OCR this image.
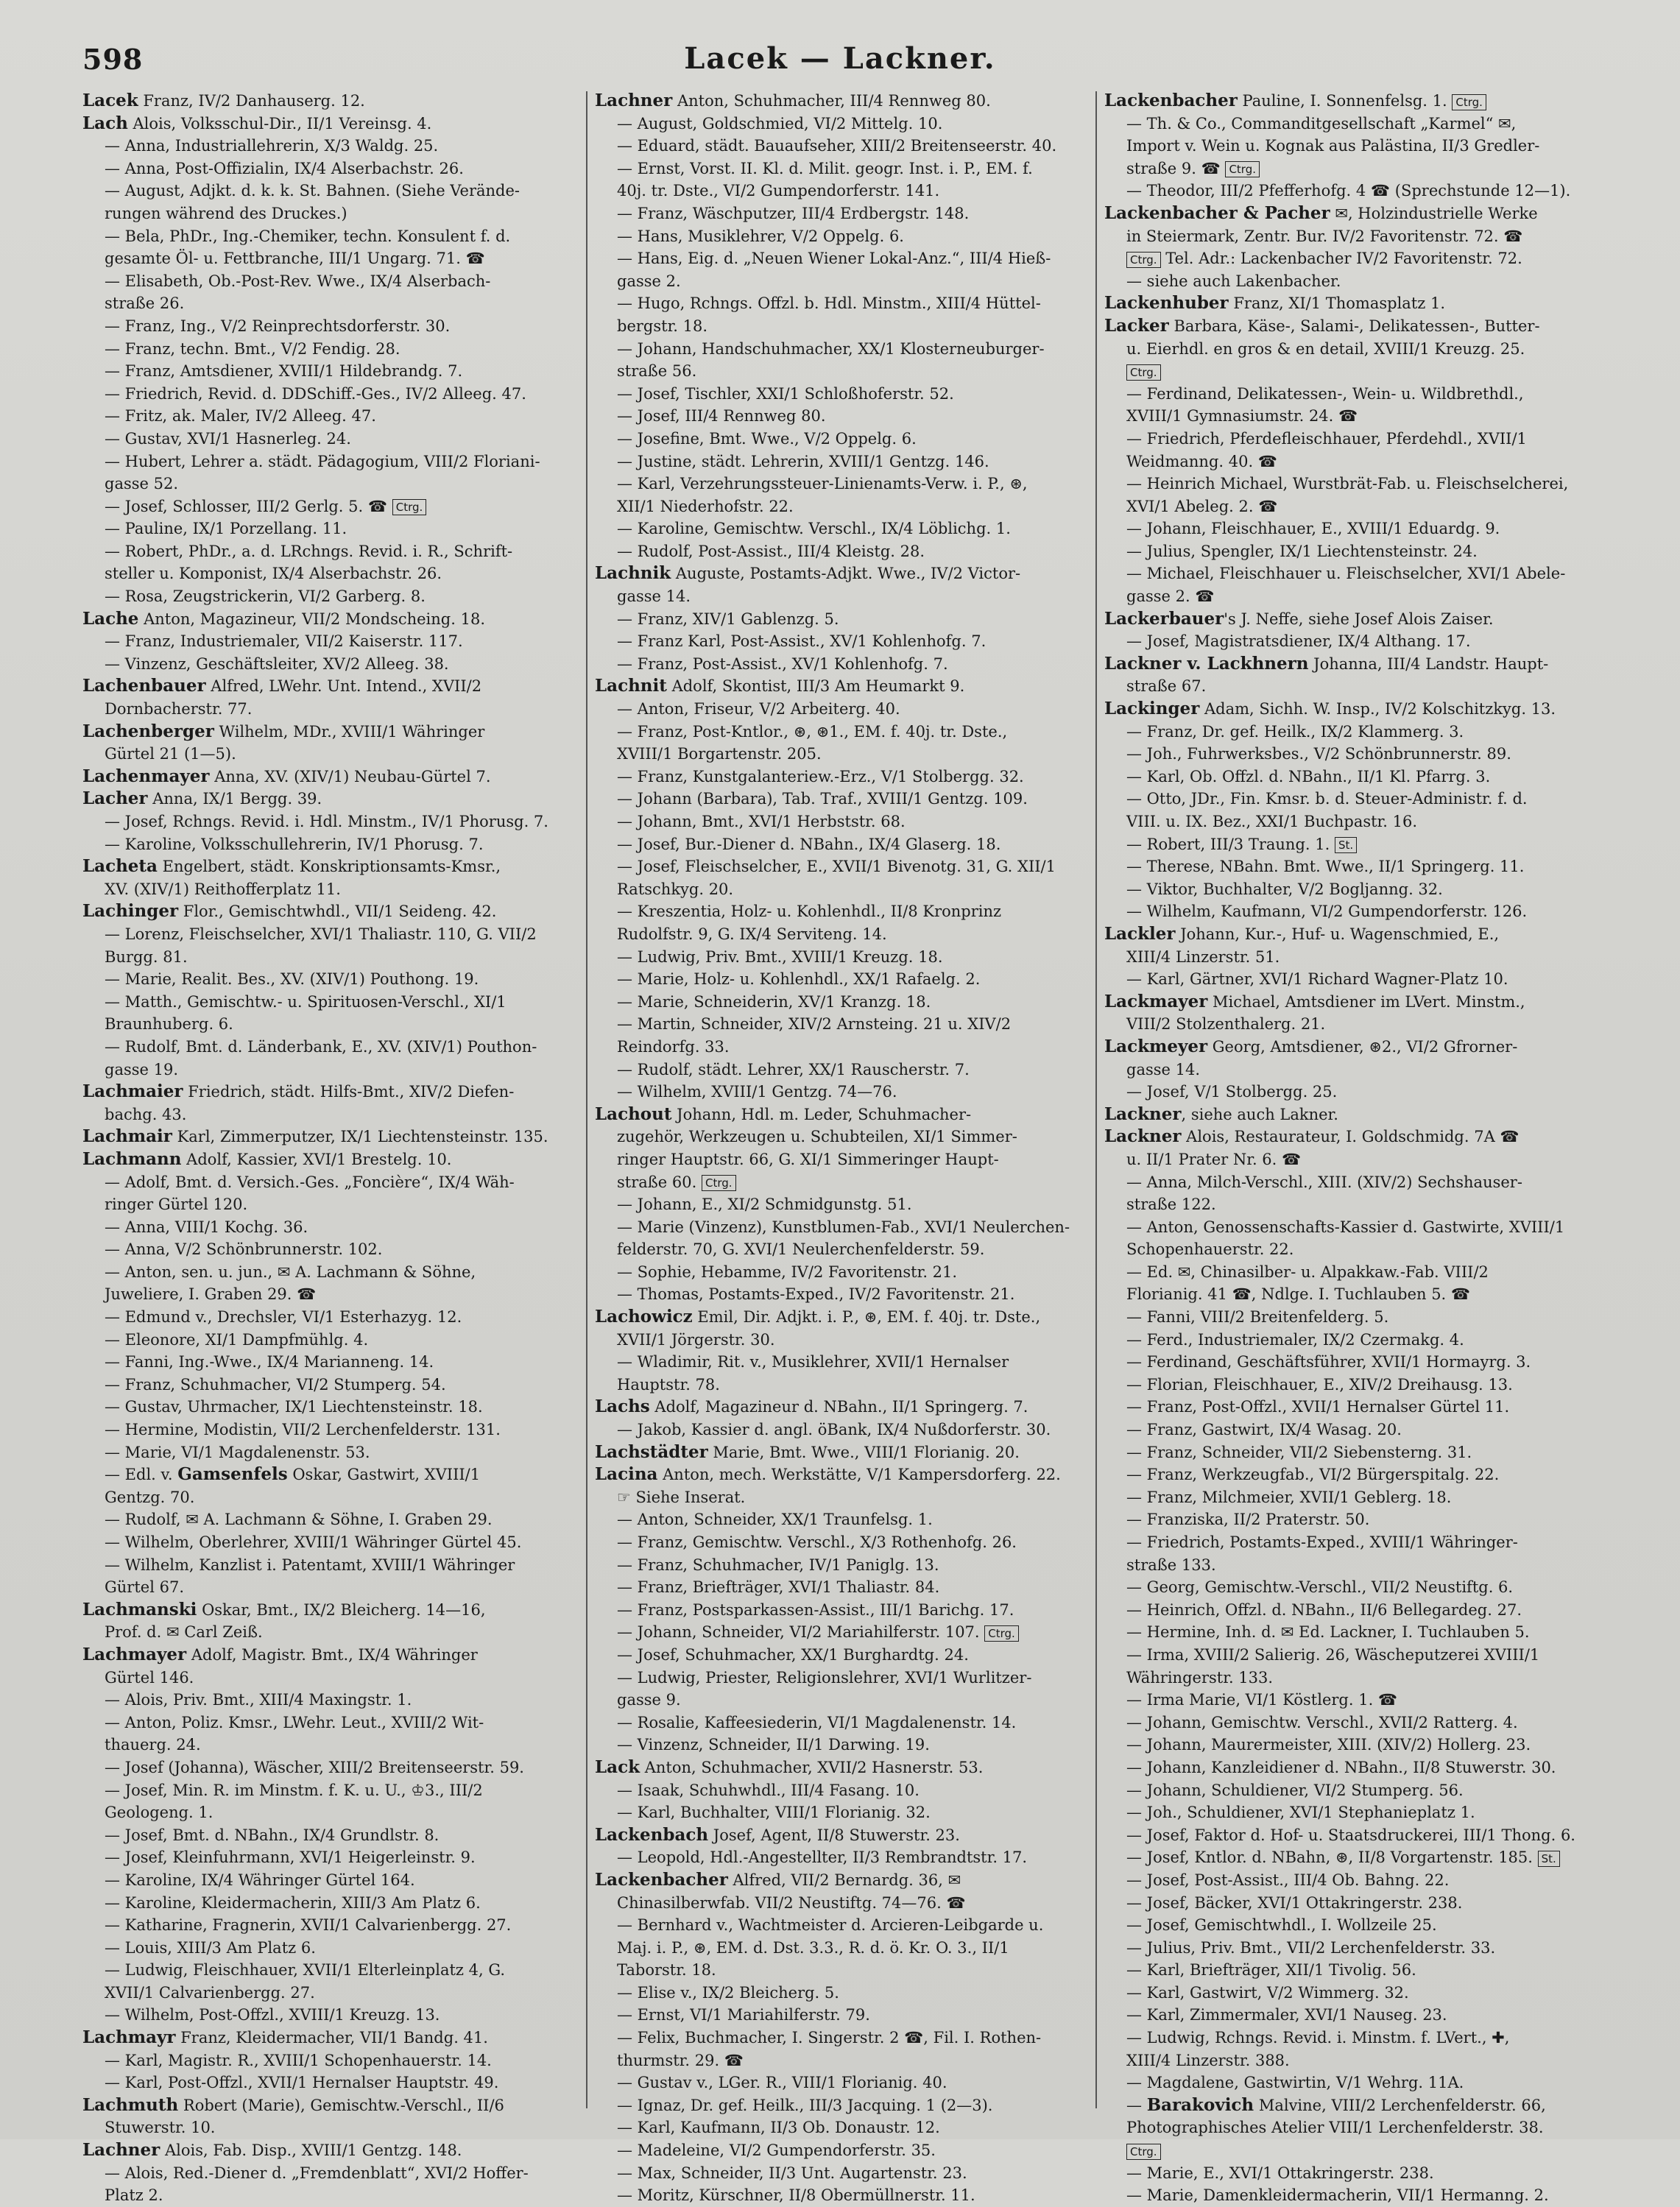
598	Lacek — Lackner.
Lacek Franz, IV/2 Danhauserg. 12.
Lach Alois, Volksschul-Dir., II/1 Vereinsg. 4.
— Anna, Industriallehrerin, X/3 Waldg. 25.
— Anna, Post-Offizialin, IX/4 Alserbachstr. 26.
— August, Adjkt. d. k. k. St. Bahnen. (Siehe Verände-
rungen während des Druckes.)
— Bela, PhDr., Ing.-Chemiker, techn. Konsulent f. d.
gesamte Öl- u. Fettbranche, III/1 Ungarg. 71. ☎
— Elisabeth, Ob.-Post-Rev. Wwe., IX/4 Alserbach-
straße 26.
— Franz, Ing., V/2 Reinprechtsdorferstr. 30.
— Franz, techn. Bmt., V/2 Fendig. 28.
— Franz, Amtsdiener, XVIII/1 Hildebrandg. 7.
— Friedrich, Revid. d. DDSchiff.-Ges., IV/2 Alleeg. 47.
— Fritz, ak. Maler, IV/2 Alleeg. 47.
— Gustav, XVI/1 Hasnerleg. 24.
— Hubert, Lehrer a. städt. Pädagogium, VIII/2 Floriani-
gasse 52.
— Josef, Schlosser, III/2 Gerlg. 5. ☎ Ctrg.
— Pauline, IX/1 Porzellang. 11.
— Robert, PhDr., a. d. LRchngs. Revid. i. R., Schrift-
steller u. Komponist, IX/4 Alserbachstr. 26.
— Rosa, Zeugstrickerin, VI/2 Garberg. 8.
Lache Anton, Magazineur, VII/2 Mondscheing. 18.
— Franz, Industriemaler, VII/2 Kaiserstr. 117.
— Vinzenz, Geschäftsleiter, XV/2 Alleeg. 38.
Lachenbauer Alfred, LWehr. Unt. Intend., XVII/2
Dornbacherstr. 77.
Lachenberger Wilhelm, MDr., XVIII/1 Währinger
Gürtel 21 (1—5).
Lachenmayer Anna, XV. (XIV/1) Neubau-Gürtel 7.
Lacher Anna, IX/1 Bergg. 39.
— Josef, Rchngs. Revid. i. Hdl. Minstm., IV/1 Phorusg. 7.
— Karoline, Volksschullehrerin, IV/1 Phorusg. 7.
Lacheta Engelbert, städt. Konskriptionsamts-Kmsr.,
XV. (XIV/1) Reithofferplatz 11.
Lachinger Flor., Gemischtwhdl., VII/1 Seideng. 42.
— Lorenz, Fleischselcher, XVI/1 Thaliastr. 110, G. VII/2
Burgg. 81.
— Marie, Realit. Bes., XV. (XIV/1) Pouthong. 19.
— Matth., Gemischtw.- u. Spirituosen-Verschl., XI/1
Braunhuberg. 6.
— Rudolf, Bmt. d. Länderbank, E., XV. (XIV/1) Pouthon-
gasse 19.
Lachmaier Friedrich, städt. Hilfs-Bmt., XIV/2 Diefen-
bachg. 43.
Lachmair Karl, Zimmerputzer, IX/1 Liechtensteinstr. 135.
Lachmann Adolf, Kassier, XVI/1 Brestelg. 10.
— Adolf, Bmt. d. Versich.-Ges. „Foncière“, IX/4 Wäh-
ringer Gürtel 120.
— Anna, VIII/1 Kochg. 36.
— Anna, V/2 Schönbrunnerstr. 102.
— Anton, sen. u. jun., ✉ A. Lachmann & Söhne,
Juweliere, I. Graben 29. ☎
— Edmund v., Drechsler, VI/1 Esterhazyg. 12.
— Eleonore, XI/1 Dampfmühlg. 4.
— Fanni, Ing.-Wwe., IX/4 Marianneng. 14.
— Franz, Schuhmacher, VI/2 Stumperg. 54.
— Gustav, Uhrmacher, IX/1 Liechtensteinstr. 18.
— Hermine, Modistin, VII/2 Lerchenfelderstr. 131.
— Marie, VI/1 Magdalenenstr. 53.
— Edl. v. Gamsenfels Oskar, Gastwirt, XVIII/1
Gentzg. 70.
— Rudolf, ✉ A. Lachmann & Söhne, I. Graben 29.
— Wilhelm, Oberlehrer, XVIII/1 Währinger Gürtel 45.
— Wilhelm, Kanzlist i. Patentamt, XVIII/1 Währinger
Gürtel 67.
Lachmanski Oskar, Bmt., IX/2 Bleicherg. 14—16,
Prof. d. ✉ Carl Zeiß.
Lachmayer Adolf, Magistr. Bmt., IX/4 Währinger
Gürtel 146.
— Alois, Priv. Bmt., XIII/4 Maxingstr. 1.
— Anton, Poliz. Kmsr., LWehr. Leut., XVIII/2 Wit-
thauerg. 24.
— Josef (Johanna), Wäscher, XIII/2 Breitenseerstr. 59.
— Josef, Min. R. im Minstm. f. K. u. U., ♔3., III/2
Geologeng. 1.
— Josef, Bmt. d. NBahn., IX/4 Grundlstr. 8.
— Josef, Kleinfuhrmann, XVI/1 Heigerleinstr. 9.
— Karoline, IX/4 Währinger Gürtel 164.
— Karoline, Kleidermacherin, XIII/3 Am Platz 6.
— Katharine, Fragnerin, XVII/1 Calvarienbergg. 27.
— Louis, XIII/3 Am Platz 6.
— Ludwig, Fleischhauer, XVII/1 Elterleinplatz 4, G.
XVII/1 Calvarienbergg. 27.
— Wilhelm, Post-Offzl., XVIII/1 Kreuzg. 13.
Lachmayr Franz, Kleidermacher, VII/1 Bandg. 41.
— Karl, Magistr. R., XVIII/1 Schopenhauerstr. 14.
— Karl, Post-Offzl., XVII/1 Hernalser Hauptstr. 49.
Lachmuth Robert (Marie), Gemischtw.-Verschl., II/6
Stuwerstr. 10.
Lachner Alois, Fab. Disp., XVIII/1 Gentzg. 148.
— Alois, Red.-Diener d. „Fremdenblatt“, XVI/2 Hoffer-
Platz 2.
Lachner Anton, Schuhmacher, III/4 Rennweg 80.
— August, Goldschmied, VI/2 Mittelg. 10.
— Eduard, städt. Bauaufseher, XIII/2 Breitenseerstr. 40.
— Ernst, Vorst. II. Kl. d. Milit. geogr. Inst. i. P., EM. f.
40j. tr. Dste., VI/2 Gumpendorferstr. 141.
— Franz, Wäschputzer, III/4 Erdbergstr. 148.
— Hans, Musiklehrer, V/2 Oppelg. 6.
— Hans, Eig. d. „Neuen Wiener Lokal-Anz.“, III/4 Hieß-
gasse 2.
— Hugo, Rchngs. Offzl. b. Hdl. Minstm., XIII/4 Hüttel-
bergstr. 18.
— Johann, Handschuhmacher, XX/1 Klosterneuburger-
straße 56.
— Josef, Tischler, XXI/1 Schloßhoferstr. 52.
— Josef, III/4 Rennweg 80.
— Josefine, Bmt. Wwe., V/2 Oppelg. 6.
— Justine, städt. Lehrerin, XVIII/1 Gentzg. 146.
— Karl, Verzehrungssteuer-Linienamts-Verw. i. P., ⊛,
XII/1 Niederhofstr. 22.
— Karoline, Gemischtw. Verschl., IX/4 Löblichg. 1.
— Rudolf, Post-Assist., III/4 Kleistg. 28.
Lachnik Auguste, Postamts-Adjkt. Wwe., IV/2 Victor-
gasse 14.
— Franz, XIV/1 Gablenzg. 5.
— Franz Karl, Post-Assist., XV/1 Kohlenhofg. 7.
— Franz, Post-Assist., XV/1 Kohlenhofg. 7.
Lachnit Adolf, Skontist, III/3 Am Heumarkt 9.
— Anton, Friseur, V/2 Arbeiterg. 40.
— Franz, Post-Kntlor., ⊛, ⊛1., EM. f. 40j. tr. Dste.,
XVIII/1 Borgartenstr. 205.
— Franz, Kunstgalanteriew.-Erz., V/1 Stolbergg. 32.
— Johann (Barbara), Tab. Traf., XVIII/1 Gentzg. 109.
— Johann, Bmt., XVI/1 Herbststr. 68.
— Josef, Bur.-Diener d. NBahn., IX/4 Glaserg. 18.
— Josef, Fleischselcher, E., XVII/1 Bivenotg. 31, G. XII/1
Ratschkyg. 20.
— Kreszentia, Holz- u. Kohlenhdl., II/8 Kronprinz
Rudolfstr. 9, G. IX/4 Serviteng. 14.
— Ludwig, Priv. Bmt., XVIII/1 Kreuzg. 18.
— Marie, Holz- u. Kohlenhdl., XX/1 Rafaelg. 2.
— Marie, Schneiderin, XV/1 Kranzg. 18.
— Martin, Schneider, XIV/2 Arnsteing. 21 u. XIV/2
Reindorfg. 33.
— Rudolf, städt. Lehrer, XX/1 Rauscherstr. 7.
— Wilhelm, XVIII/1 Gentzg. 74—76.
Lachout Johann, Hdl. m. Leder, Schuhmacher-
zugehör, Werkzeugen u. Schubteilen, XI/1 Simmer-
ringer Hauptstr. 66, G. XI/1 Simmeringer Haupt-
straße 60. Ctrg.
— Johann, E., XI/2 Schmidgunstg. 51.
— Marie (Vinzenz), Kunstblumen-Fab., XVI/1 Neulerchen-
felderstr. 70, G. XVI/1 Neulerchenfelderstr. 59.
— Sophie, Hebamme, IV/2 Favoritenstr. 21.
— Thomas, Postamts-Exped., IV/2 Favoritenstr. 21.
Lachowicz Emil, Dir. Adjkt. i. P., ⊛, EM. f. 40j. tr. Dste.,
XVII/1 Jörgerstr. 30.
— Wladimir, Rit. v., Musiklehrer, XVII/1 Hernalser
Hauptstr. 78.
Lachs Adolf, Magazineur d. NBahn., II/1 Springerg. 7.
— Jakob, Kassier d. angl. öBank, IX/4 Nußdorferstr. 30.
Lachstädter Marie, Bmt. Wwe., VIII/1 Florianig. 20.
Lacina Anton, mech. Werkstätte, V/1 Kampersdorferg. 22.
☞ Siehe Inserat.
— Anton, Schneider, XX/1 Traunfelsg. 1.
— Franz, Gemischtw. Verschl., X/3 Rothenhofg. 26.
— Franz, Schuhmacher, IV/1 Paniglg. 13.
— Franz, Briefträger, XVI/1 Thaliastr. 84.
— Franz, Postsparkassen-Assist., III/1 Barichg. 17.
— Johann, Schneider, VI/2 Mariahilferstr. 107. Ctrg.
— Josef, Schuhmacher, XX/1 Burghardtg. 24.
— Ludwig, Priester, Religionslehrer, XVI/1 Wurlitzer-
gasse 9.
— Rosalie, Kaffeesiederin, VI/1 Magdalenenstr. 14.
— Vinzenz, Schneider, II/1 Darwing. 19.
Lack Anton, Schuhmacher, XVII/2 Hasnerstr. 53.
— Isaak, Schuhwhdl., III/4 Fasang. 10.
— Karl, Buchhalter, VIII/1 Florianig. 32.
Lackenbach Josef, Agent, II/8 Stuwerstr. 23.
— Leopold, Hdl.-Angestellter, II/3 Rembrandtstr. 17.
Lackenbacher Alfred, VII/2 Bernardg. 36, ✉
Chinasilberwfab. VII/2 Neustiftg. 74—76. ☎
— Bernhard v., Wachtmeister d. Arcieren-Leibgarde u.
Maj. i. P., ⊛, EM. d. Dst. 3.3., R. d. ö. Kr. O. 3., II/1
Taborstr. 18.
— Elise v., IX/2 Bleicherg. 5.
— Ernst, VI/1 Mariahilferstr. 79.
— Felix, Buchmacher, I. Singerstr. 2 ☎, Fil. I. Rothen-
thurmstr. 29. ☎
— Gustav v., LGer. R., VIII/1 Florianig. 40.
— Ignaz, Dr. gef. Heilk., III/3 Jacquing. 1 (2—3).
— Karl, Kaufmann, II/3 Ob. Donaustr. 12.
— Madeleine, VI/2 Gumpendorferstr. 35.
— Max, Schneider, II/3 Unt. Augartenstr. 23.
— Moritz, Kürschner, II/8 Obermüllnerstr. 11.
Lackenbacher Pauline, I. Sonnenfelsg. 1. Ctrg.
— Th. & Co., Commanditgesellschaft „Karmel“ ✉,
Import v. Wein u. Kognak aus Palästina, II/3 Gredler-
straße 9. ☎ Ctrg.
— Theodor, III/2 Pfefferhofg. 4 ☎ (Sprechstunde 12—1).
Lackenbacher & Pacher ✉, Holzindustrielle Werke
in Steiermark, Zentr. Bur. IV/2 Favoritenstr. 72. ☎
Ctrg. Tel. Adr.: Lackenbacher IV/2 Favoritenstr. 72.
— siehe auch Lakenbacher.
Lackenhuber Franz, XI/1 Thomasplatz 1.
Lacker Barbara, Käse-, Salami-, Delikatessen-, Butter-
u. Eierhdl. en gros & en detail, XVIII/1 Kreuzg. 25.
Ctrg.
— Ferdinand, Delikatessen-, Wein- u. Wildbrethdl.,
XVIII/1 Gymnasiumstr. 24. ☎
— Friedrich, Pferdefleischhauer, Pferdehdl., XVII/1
Weidmanng. 40. ☎
— Heinrich Michael, Wurstbrät-Fab. u. Fleischselcherei,
XVI/1 Abeleg. 2. ☎
— Johann, Fleischhauer, E., XVIII/1 Eduardg. 9.
— Julius, Spengler, IX/1 Liechtensteinstr. 24.
— Michael, Fleischhauer u. Fleischselcher, XVI/1 Abele-
gasse 2. ☎
Lackerbauer's J. Neffe, siehe Josef Alois Zaiser.
— Josef, Magistratsdiener, IX/4 Althang. 17.
Lackner v. Lackhnern Johanna, III/4 Landstr. Haupt-
straße 67.
Lackinger Adam, Sichh. W. Insp., IV/2 Kolschitzkyg. 13.
— Franz, Dr. gef. Heilk., IX/2 Klammerg. 3.
— Joh., Fuhrwerksbes., V/2 Schönbrunnerstr. 89.
— Karl, Ob. Offzl. d. NBahn., II/1 Kl. Pfarrg. 3.
— Otto, JDr., Fin. Kmsr. b. d. Steuer-Administr. f. d.
VIII. u. IX. Bez., XXI/1 Buchpastr. 16.
— Robert, III/3 Traung. 1. St.
— Therese, NBahn. Bmt. Wwe., II/1 Springerg. 11.
— Viktor, Buchhalter, V/2 Bogljanng. 32.
— Wilhelm, Kaufmann, VI/2 Gumpendorferstr. 126.
Lackler Johann, Kur.-, Huf- u. Wagenschmied, E.,
XIII/4 Linzerstr. 51.
— Karl, Gärtner, XVI/1 Richard Wagner-Platz 10.
Lackmayer Michael, Amtsdiener im LVert. Minstm.,
VIII/2 Stolzenthalerg. 21.
Lackmeyer Georg, Amtsdiener, ⊛2., VI/2 Gfrorner-
gasse 14.
— Josef, V/1 Stolbergg. 25.
Lackner, siehe auch Lakner.
Lackner Alois, Restaurateur, I. Goldschmidg. 7A ☎
u. II/1 Prater Nr. 6. ☎
— Anna, Milch-Verschl., XIII. (XIV/2) Sechshauser-
straße 122.
— Anton, Genossenschafts-Kassier d. Gastwirte, XVIII/1
Schopenhauerstr. 22.
— Ed. ✉, Chinasilber- u. Alpakkaw.-Fab. VIII/2
Florianig. 41 ☎, Ndlge. I. Tuchlauben 5. ☎
— Fanni, VIII/2 Breitenfelderg. 5.
— Ferd., Industriemaler, IX/2 Czermakg. 4.
— Ferdinand, Geschäftsführer, XVII/1 Hormayrg. 3.
— Florian, Fleischhauer, E., XIV/2 Dreihausg. 13.
— Franz, Post-Offzl., XVII/1 Hernalser Gürtel 11.
— Franz, Gastwirt, IX/4 Wasag. 20.
— Franz, Schneider, VII/2 Siebensterng. 31.
— Franz, Werkzeugfab., VI/2 Bürgerspitalg. 22.
— Franz, Milchmeier, XVII/1 Geblerg. 18.
— Franziska, II/2 Praterstr. 50.
— Friedrich, Postamts-Exped., XVIII/1 Währinger-
straße 133.
— Georg, Gemischtw.-Verschl., VII/2 Neustiftg. 6.
— Heinrich, Offzl. d. NBahn., II/6 Bellegardeg. 27.
— Hermine, Inh. d. ✉ Ed. Lackner, I. Tuchlauben 5.
— Irma, XVIII/2 Salierig. 26, Wäscheputzerei XVIII/1
Währingerstr. 133.
— Irma Marie, VI/1 Köstlerg. 1. ☎
— Johann, Gemischtw. Verschl., XVII/2 Ratterg. 4.
— Johann, Maurermeister, XIII. (XIV/2) Hollerg. 23.
— Johann, Kanzleidiener d. NBahn., II/8 Stuwerstr. 30.
— Johann, Schuldiener, VI/2 Stumperg. 56.
— Joh., Schuldiener, XVI/1 Stephanieplatz 1.
— Josef, Faktor d. Hof- u. Staatsdruckerei, III/1 Thong. 6.
— Josef, Kntlor. d. NBahn, ⊛, II/8 Vorgartenstr. 185. St.
— Josef, Post-Assist., III/4 Ob. Bahng. 22.
— Josef, Bäcker, XVI/1 Ottakringerstr. 238.
— Josef, Gemischtwhdl., I. Wollzeile 25.
— Julius, Priv. Bmt., VII/2 Lerchenfelderstr. 33.
— Karl, Briefträger, XII/1 Tivolig. 56.
— Karl, Gastwirt, V/2 Wimmerg. 32.
— Karl, Zimmermaler, XVI/1 Nauseg. 23.
— Ludwig, Rchngs. Revid. i. Minstm. f. LVert., ✚,
XIII/4 Linzerstr. 388.
— Magdalene, Gastwirtin, V/1 Wehrg. 11A.
— Barakovich Malvine, VIII/2 Lerchenfelderstr. 66,
Photographisches Atelier VIII/1 Lerchenfelderstr. 38.
Ctrg.
— Marie, E., XVI/1 Ottakringerstr. 238.
— Marie, Damenkleidermacherin, VII/1 Hermanng. 2.
